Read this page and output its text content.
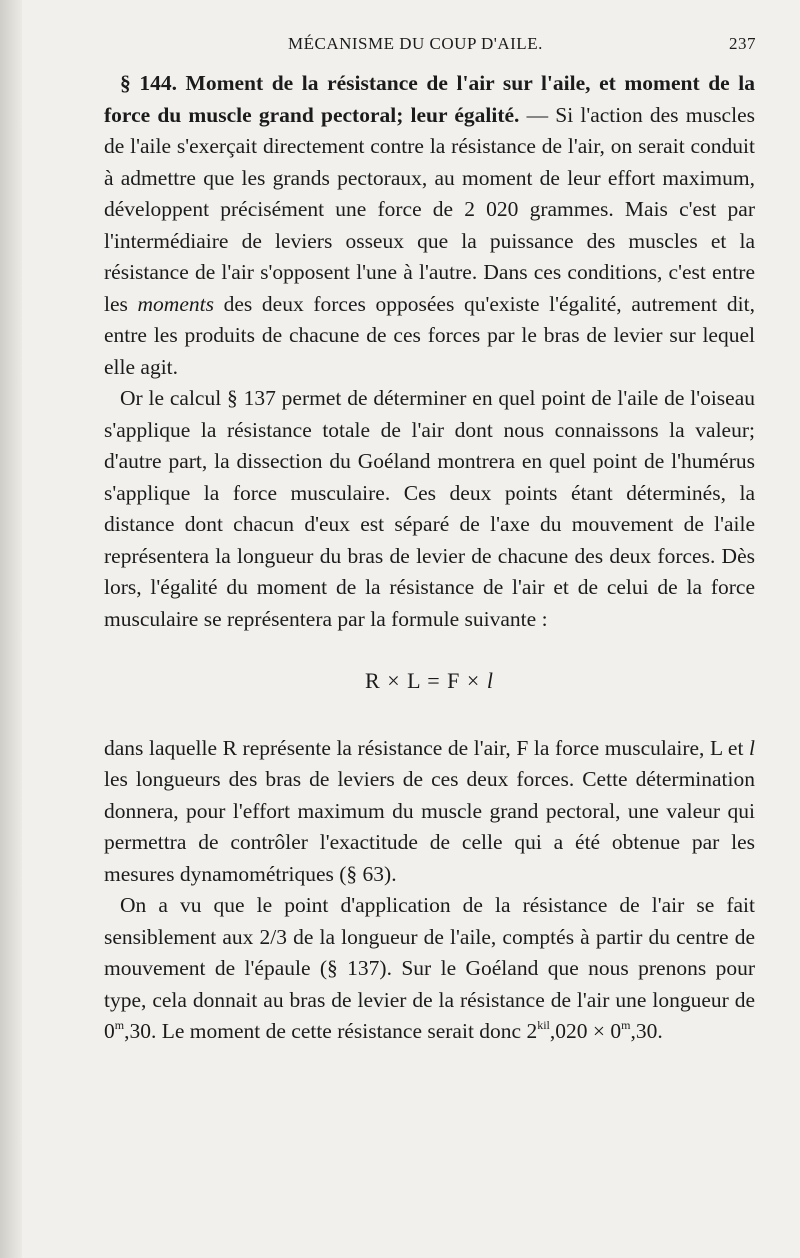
MÉCANISME DU COUP D'AILE.	237

§ 144. Moment de la résistance de l'air sur l'aile, et moment de la force du muscle grand pectoral; leur égalité. — Si l'action des muscles de l'aile s'exerçait directement contre la résistance de l'air, on serait conduit à admettre que les grands pectoraux, au moment de leur effort maximum, développent précisément une force de 2 020 grammes. Mais c'est par l'intermédiaire de leviers osseux que la puissance des muscles et la résistance de l'air s'opposent l'une à l'autre. Dans ces conditions, c'est entre les moments des deux forces opposées qu'existe l'égalité, autrement dit, entre les produits de chacune de ces forces par le bras de levier sur lequel elle agit.

Or le calcul § 137 permet de déterminer en quel point de l'aile de l'oiseau s'applique la résistance totale de l'air dont nous connaissons la valeur; d'autre part, la dissection du Goéland montrera en quel point de l'humérus s'applique la force musculaire. Ces deux points étant déterminés, la distance dont chacun d'eux est séparé de l'axe du mouvement de l'aile représentera la longueur du bras de levier de chacune des deux forces. Dès lors, l'égalité du moment de la résistance de l'air et de celui de la force musculaire se représentera par la formule suivante :

R × L = F × l

dans laquelle R représente la résistance de l'air, F la force musculaire, L et l les longueurs des bras de leviers de ces deux forces. Cette détermination donnera, pour l'effort maximum du muscle grand pectoral, une valeur qui permettra de contrôler l'exactitude de celle qui a été obtenue par les mesures dynamométriques (§ 63).

On a vu que le point d'application de la résistance de l'air se fait sensiblement aux 2/3 de la longueur de l'aile, comptés à partir du centre de mouvement de l'épaule (§ 137). Sur le Goéland que nous prenons pour type, cela donnait au bras de levier de la résistance de l'air une longueur de 0$^m$,30. Le moment de cette résistance serait donc $2^{kil},020 \times 0^m,30$.
